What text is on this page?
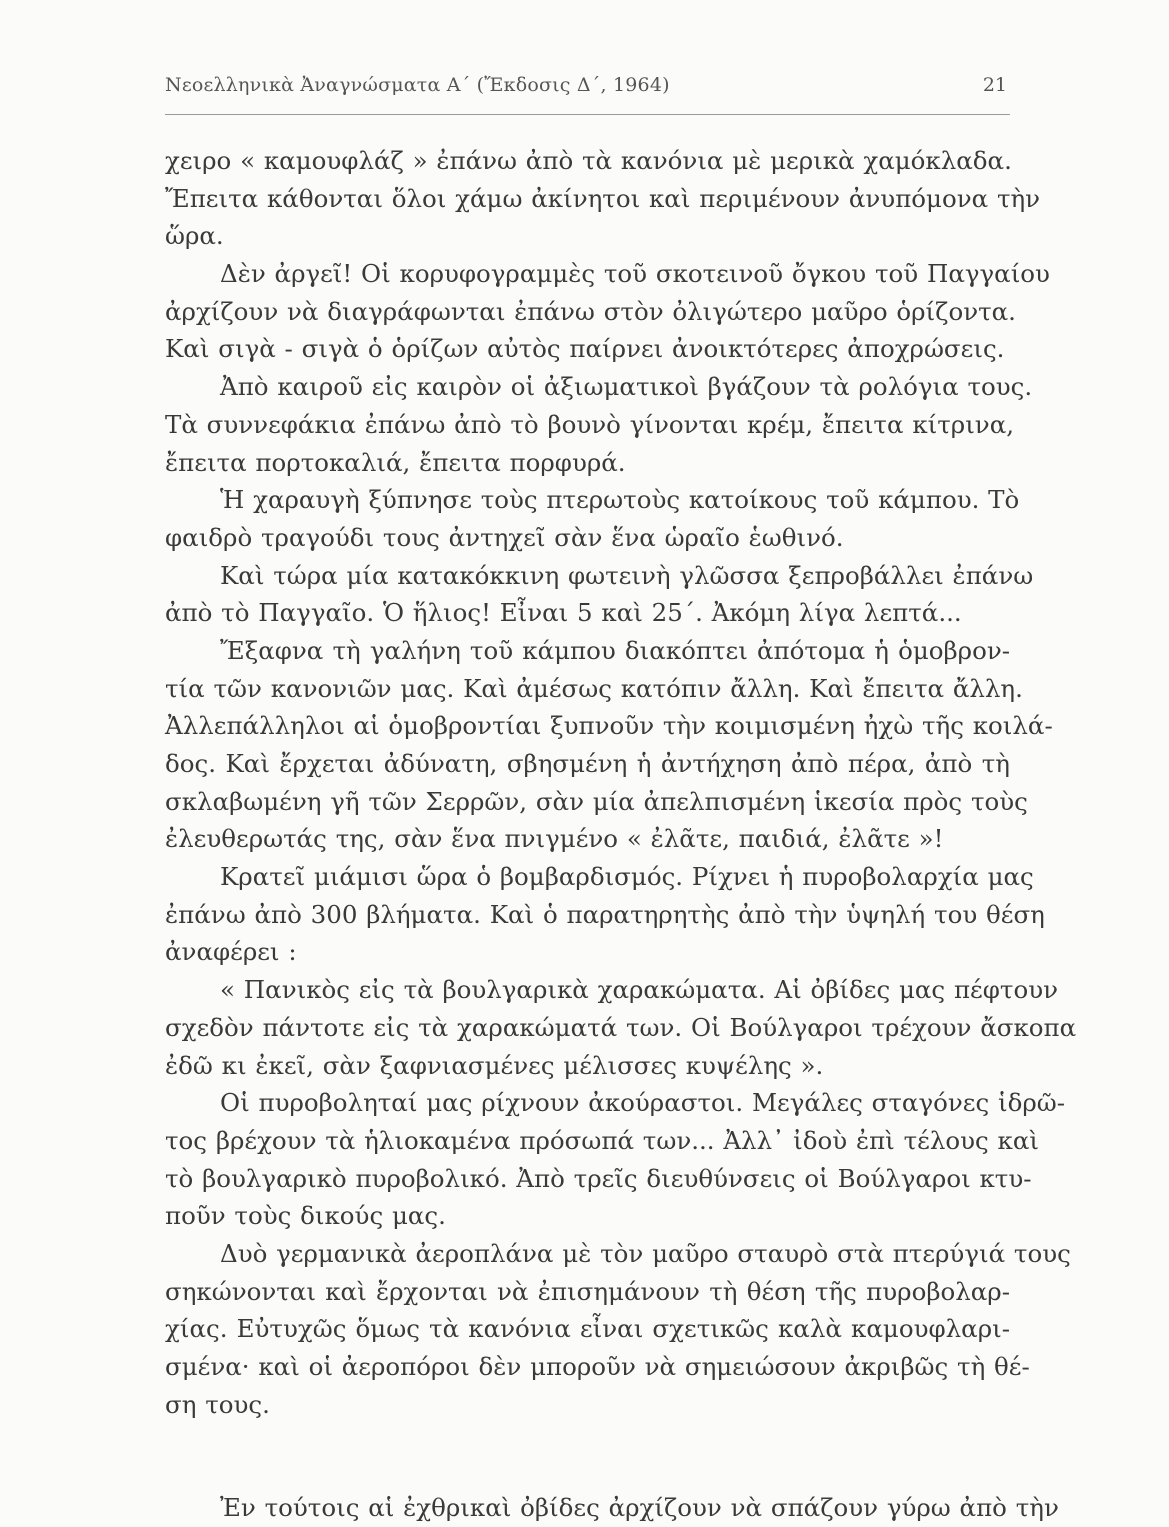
Νεοελληνικὰ Ἀναγνώσματα Α΄ (Ἔκδοσις Δ΄, 1964)	21
χειρο « καμουφλάζ » ἐπάνω ἀπὸ τὰ κανόνια μὲ μερικὰ χαμόκλαδα.
Ἔπειτα κάθονται ὅλοι χάμω ἀκίνητοι καὶ περιμένουν ἀνυπόμονα τὴν
ὥρα.
Δὲν ἀργεῖ! Οἱ κορυφογραμμὲς τοῦ σκοτεινοῦ ὄγκου τοῦ Παγγαίου
ἀρχίζουν νὰ διαγράφωνται ἐπάνω στὸν ὀλιγώτερο μαῦρο ὁρίζοντα.
Καὶ σιγὰ - σιγὰ ὁ ὁρίζων αὐτὸς παίρνει ἀνοικτότερες ἀποχρώσεις.
Ἀπὸ καιροῦ εἰς καιρὸν οἱ ἀξιωματικοὶ βγάζουν τὰ ρολόγια τους.
Τὰ συννεφάκια ἐπάνω ἀπὸ τὸ βουνὸ γίνονται κρέμ, ἔπειτα κίτρινα,
ἔπειτα πορτοκαλιά, ἔπειτα πορφυρά.
Ἡ χαραυγὴ ξύπνησε τοὺς πτερωτοὺς κατοίκους τοῦ κάμπου. Τὸ
φαιδρὸ τραγούδι τους ἀντηχεῖ σὰν ἕνα ὡραῖο ἑωθινό.
Καὶ τώρα μία κατακόκκινη φωτεινὴ γλῶσσα ξεπροβάλλει ἐπάνω
ἀπὸ τὸ Παγγαῖο. Ὁ ἥλιος! Εἶναι 5 καὶ 25΄. Ἀκόμη λίγα λεπτά...
Ἔξαφνα τὴ γαλήνη τοῦ κάμπου διακόπτει ἀπότομα ἡ ὁμοβρον-
τία τῶν κανονιῶν μας. Καὶ ἀμέσως κατόπιν ἄλλη. Καὶ ἔπειτα ἄλλη.
Ἀλλεπάλληλοι αἱ ὁμοβροντίαι ξυπνοῦν τὴν κοιμισμένη ἠχὼ τῆς κοιλά-
δος. Καὶ ἔρχεται ἀδύνατη, σβησμένη ἡ ἀντήχηση ἀπὸ πέρα, ἀπὸ τὴ
σκλαβωμένη γῆ τῶν Σερρῶν, σὰν μία ἀπελπισμένη ἱκεσία πρὸς τοὺς
ἐλευθερωτάς της, σὰν ἕνα πνιγμένο « ἐλᾶτε, παιδιά, ἐλᾶτε »!
Κρατεῖ μιάμισι ὥρα ὁ βομβαρδισμός. Ρίχνει ἡ πυροβολαρχία μας
ἐπάνω ἀπὸ 300 βλήματα. Καὶ ὁ παρατηρητὴς ἀπὸ τὴν ὑψηλή του θέση
ἀναφέρει :
« Πανικὸς εἰς τὰ βουλγαρικὰ χαρακώματα. Αἱ ὀβίδες μας πέφτουν
σχεδὸν πάντοτε εἰς τὰ χαρακώματά των. Οἱ Βούλγαροι τρέχουν ἄσκοπα
ἐδῶ κι ἐκεῖ, σὰν ξαφνιασμένες μέλισσες κυψέλης ».
Οἱ πυροβοληταί μας ρίχνουν ἀκούραστοι. Μεγάλες σταγόνες ἱδρῶ-
τος βρέχουν τὰ ἡλιοκαμένα πρόσωπά των... Ἀλλ᾿ ἰδοὺ ἐπὶ τέλους καὶ
τὸ βουλγαρικὸ πυροβολικό. Ἀπὸ τρεῖς διευθύνσεις οἱ Βούλγαροι κτυ-
ποῦν τοὺς δικούς μας.
Δυὸ γερμανικὰ ἀεροπλάνα μὲ τὸν μαῦρο σταυρὸ στὰ πτερύγιά τους
σηκώνονται καὶ ἔρχονται νὰ ἐπισημάνουν τὴ θέση τῆς πυροβολαρ-
χίας. Εὐτυχῶς ὅμως τὰ κανόνια εἶναι σχετικῶς καλὰ καμουφλαρι-
σμένα· καὶ οἱ ἀεροπόροι δὲν μποροῦν νὰ σημειώσουν ἀκριβῶς τὴ θέ-
ση τους.
Ἐν τούτοις αἱ ἐχθρικαὶ ὀβίδες ἀρχίζουν νὰ σπάζουν γύρω ἀπὸ τὴν
